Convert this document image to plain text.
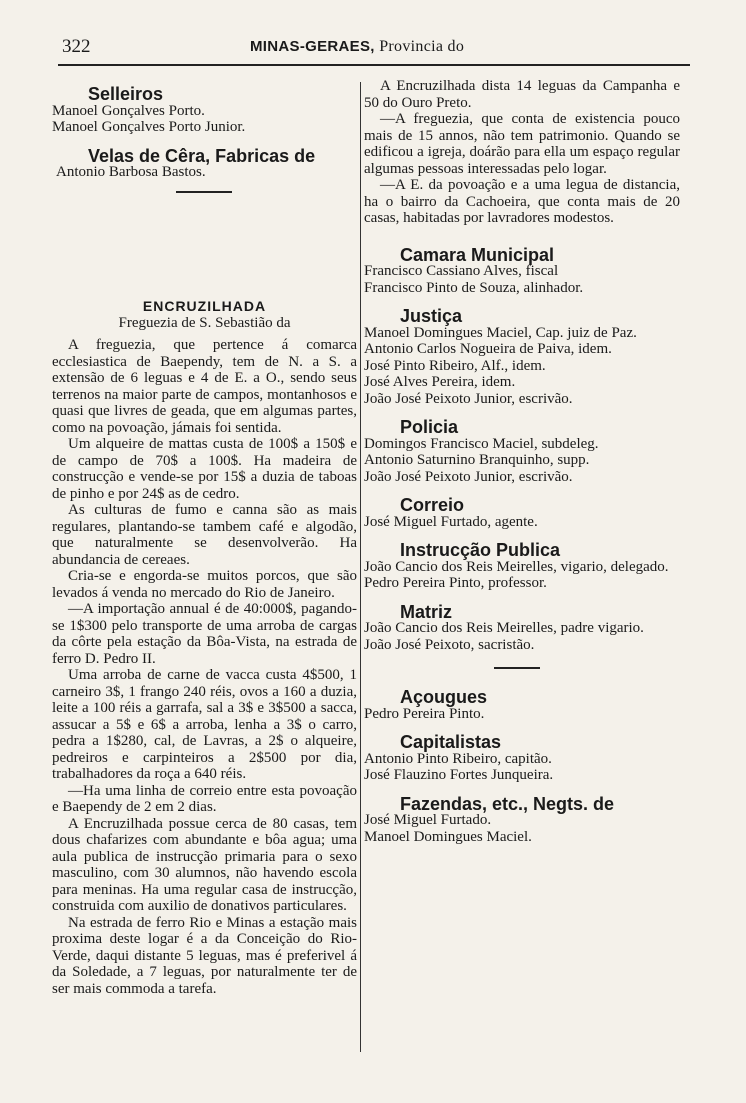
322	MINAS-GERAES, Provincia do
Selleiros
Manoel Gonçalves Porto.
Manoel Gonçalves Porto Junior.
Velas de Cêra, Fabricas de
Antonio Barbosa Bastos.
ENCRUZILHADA
Freguezia de S. Sebastião da
A freguezia, que pertence á comarca ecclesiastica de Baependy, tem de N. a S. a extensão de 6 leguas e 4 de E. a O., sendo seus terrenos na maior parte de campos, montanhosos e quasi que livres de geada, que em algumas partes, como na povoação, jámais foi sentida.
Um alqueire de mattas custa de 100$ a 150$ e de campo de 70$ a 100$. Ha madeira de construcção e vende-se por 15$ a duzia de taboas de pinho e por 24$ as de cedro.
As culturas de fumo e canna são as mais regulares, plantando-se tambem café e algodão, que naturalmente se desenvolverão. Ha abundancia de cereaes.
Cria-se e engorda-se muitos porcos, que são levados á venda no mercado do Rio de Janeiro.
—A importação annual é de 40:000$, pagando-se 1$300 pelo transporte de uma arroba de cargas da côrte pela estação da Bôa-Vista, na estrada de ferro D. Pedro II.
Uma arroba de carne de vacca custa 4$500, 1 carneiro 3$, 1 frango 240 réis, ovos a 160 a duzia, leite a 100 réis a garrafa, sal a 3$ e 3$500 a sacca, assucar a 5$ e 6$ a arroba, lenha a 3$ o carro, pedra a 1$280, cal, de Lavras, a 2$ o alqueire, pedreiros e carpinteiros a 2$500 por dia, trabalhadores da roça a 640 réis.
—Ha uma linha de correio entre esta povoação e Baependy de 2 em 2 dias.
A Encruzilhada possue cerca de 80 casas, tem dous chafarizes com abundante e bôa agua; uma aula publica de instrucção primaria para o sexo masculino, com 30 alumnos, não havendo escola para meninas. Ha uma regular casa de instrucção, construida com auxilio de donativos particulares.
Na estrada de ferro Rio e Minas a estação mais proxima deste logar é a da Conceição do Rio-Verde, daqui distante 5 leguas, mas é preferivel á da Soledade, a 7 leguas, por naturalmente ter de ser mais commoda a tarefa.
A Encruzilhada dista 14 leguas da Campanha e 50 do Ouro Preto.
—A freguezia, que conta de existencia pouco mais de 15 annos, não tem patrimonio. Quando se edificou a igreja, doárão para ella um espaço regular algumas pessoas interessadas pelo logar.
—A E. da povoação e a uma legua de distancia, ha o bairro da Cachoeira, que conta mais de 20 casas, habitadas por lavradores modestos.
Camara Municipal
Francisco Cassiano Alves, fiscal
Francisco Pinto de Souza, alinhador.
Justiça
Manoel Domingues Maciel, Cap. juiz de Paz.
Antonio Carlos Nogueira de Paiva, idem.
José Pinto Ribeiro, Alf., idem.
José Alves Pereira, idem.
João José Peixoto Junior, escrivão.
Policia
Domingos Francisco Maciel, subdeleg.
Antonio Saturnino Branquinho, supp.
João José Peixoto Junior, escrivão.
Correio
José Miguel Furtado, agente.
Instrucção Publica
João Cancio dos Reis Meirelles, vigario, delegado.
Pedro Pereira Pinto, professor.
Matriz
João Cancio dos Reis Meirelles, padre vigario.
João José Peixoto, sacristão.
Açougues
Pedro Pereira Pinto.
Capitalistas
Antonio Pinto Ribeiro, capitão.
José Flauzino Fortes Junqueira.
Fazendas, etc., Negts. de
José Miguel Furtado.
Manoel Domingues Maciel.
